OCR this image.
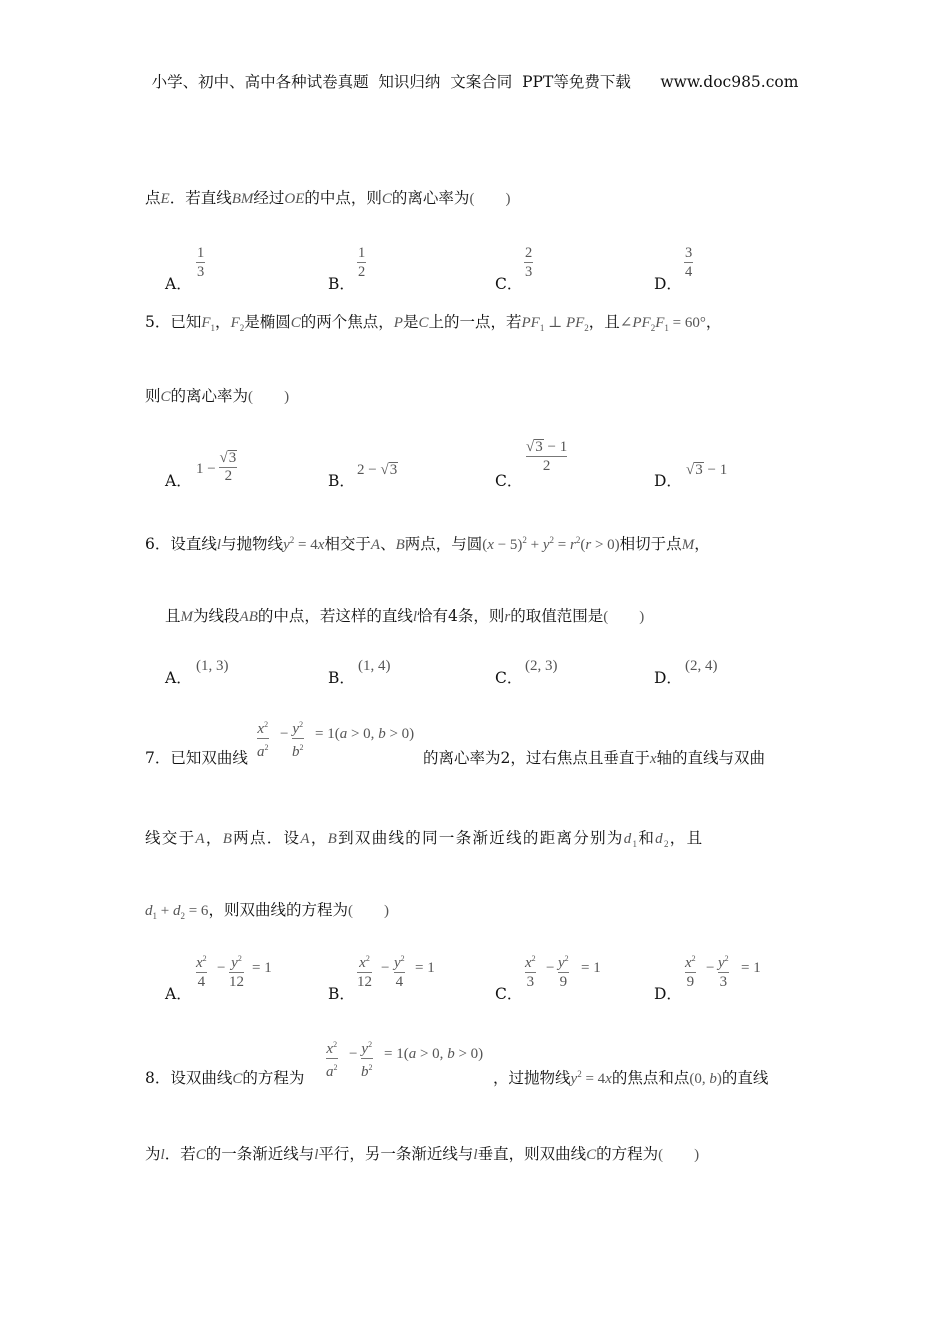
小学、初中、高中各种试卷真题  知识归纳  文案合同  PPT等免费下载      www.doc985.com
点E．若直线BM经过OE的中点，则C的离心率为(　　 )
A．
1
3
B．
1
2
C．
2
3
D．
3
4
5．已知$F_1$，$F_2$是椭圆C的两个焦点，P是C上的一点，若$PF_1$ ⊥ $PF_2$，且$\angle PF_2F_1 = 60^\circ$，
则C的离心率为(　　 )
A．
$1 - \frac{√3}{2}$	B．
2 − √3
C．
√3 − 1
2
D．
√3 − 1
6．设直线l与抛物线$y^2 = 4x$相交于A、B两点，与圆$(x - 5)^2 + y^2 = r^2(r > 0)$相切于点M，
且M为线段AB的中点，若这样的直线l恰有4条，则r的取值范围是(　　 )
A．
(1, 3)
B．
(1, 4)
C．
(2, 3)
D．
(2, 4)
7．已知双曲线
$x^2$
$a^2$
− $y^2$
$b^2$
= 1(a > 0, b > 0)
的离心率为2，过右焦点且垂直于x轴的直线与双曲
线交于A，B两点．设A，B到双曲线的同一条渐近线的距离分别为$d_1$和$d_2$，且
$d_1 + d_2 = 6$，则双曲线的方程为(　　 )
A．
$x^2$
4
− $y^2$
12
= 1
B．
$x^2$
12
− $y^2$
4
= 1
C．
$x^2$
3
− $y^2$
9
= 1
D．
$x^2$
9
− $y^2$
3
= 1
8．设双曲线C的方程为
$x^2$
$a^2$
− $y^2$
$b^2$
= 1(a > 0, b > 0)
，过抛物线$y^2 = 4x$的焦点和点(0, b)的直线
为l．若C的一条渐近线与l平行，另一条渐近线与l垂直，则双曲线C的方程为(　　 )
